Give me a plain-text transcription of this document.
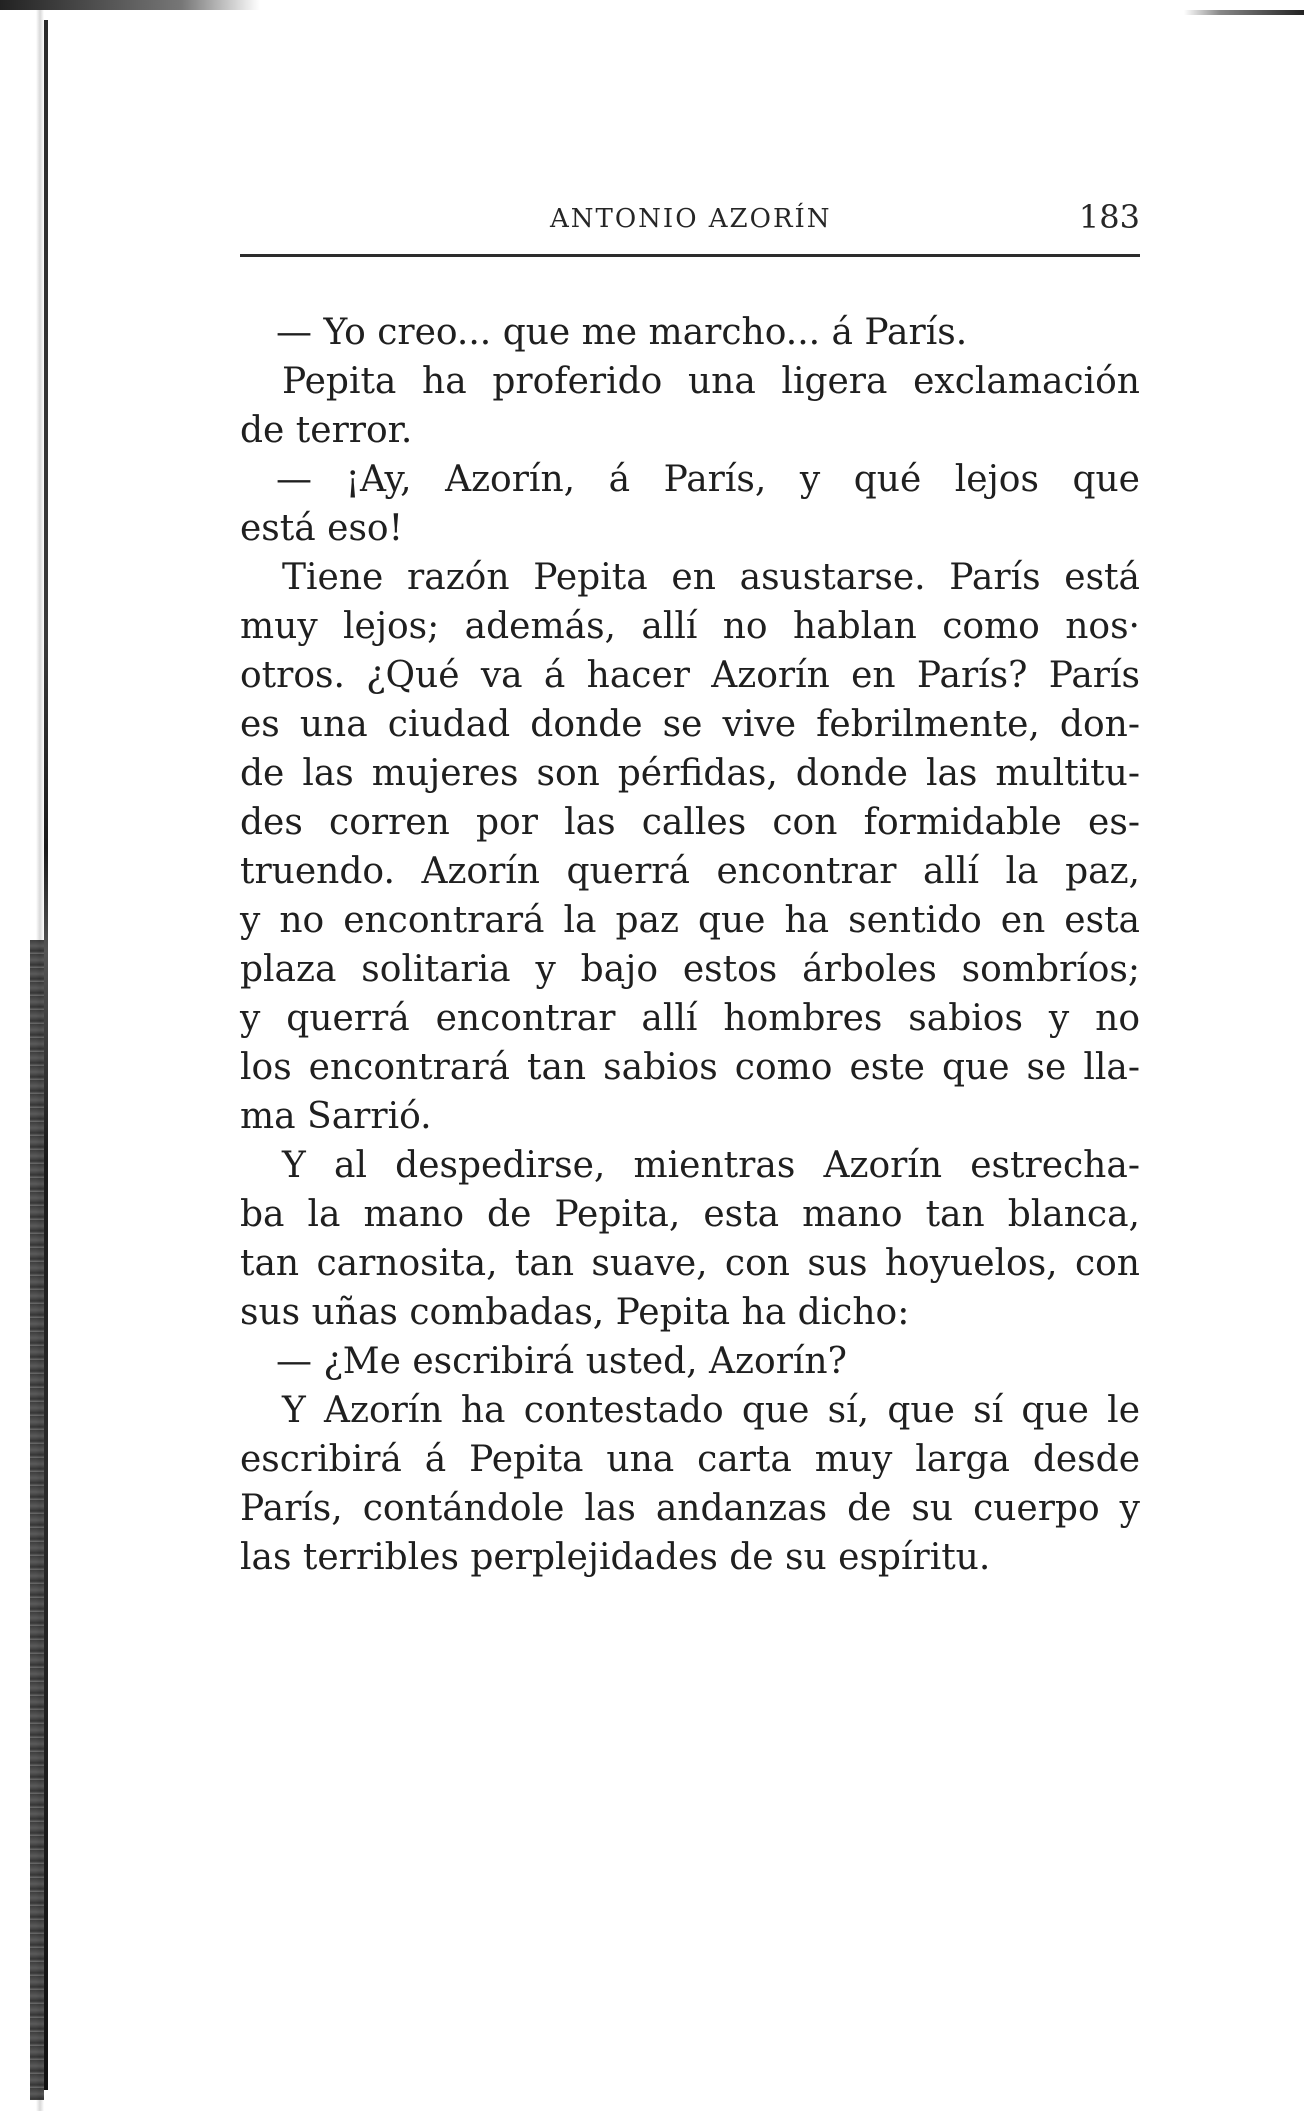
ANTONIO AZORÍN	183
— Yo creo... que me marcho... á París.
Pepita ha proferido una ligera exclamación
de terror.
— ¡Ay, Azorín, á París, y qué lejos que
está eso!
Tiene razón Pepita en asustarse. París está
muy lejos; además, allí no hablan como nos·
otros. ¿Qué va á hacer Azorín en París? París
es una ciudad donde se vive febrilmente, don-
de las mujeres son pérfidas, donde las multitu-
des corren por las calles con formidable es-
truendo. Azorín querrá encontrar allí la paz,
y no encontrará la paz que ha sentido en esta
plaza solitaria y bajo estos árboles sombríos;
y querrá encontrar allí hombres sabios y no
los encontrará tan sabios como este que se lla-
ma Sarrió.
Y al despedirse, mientras Azorín estrecha-
ba la mano de Pepita, esta mano tan blanca,
tan carnosita, tan suave, con sus hoyuelos, con
sus uñas combadas, Pepita ha dicho:
— ¿Me escribirá usted, Azorín?
Y Azorín ha contestado que sí, que sí que le
escribirá á Pepita una carta muy larga desde
París, contándole las andanzas de su cuerpo y
las terribles perplejidades de su espíritu.
